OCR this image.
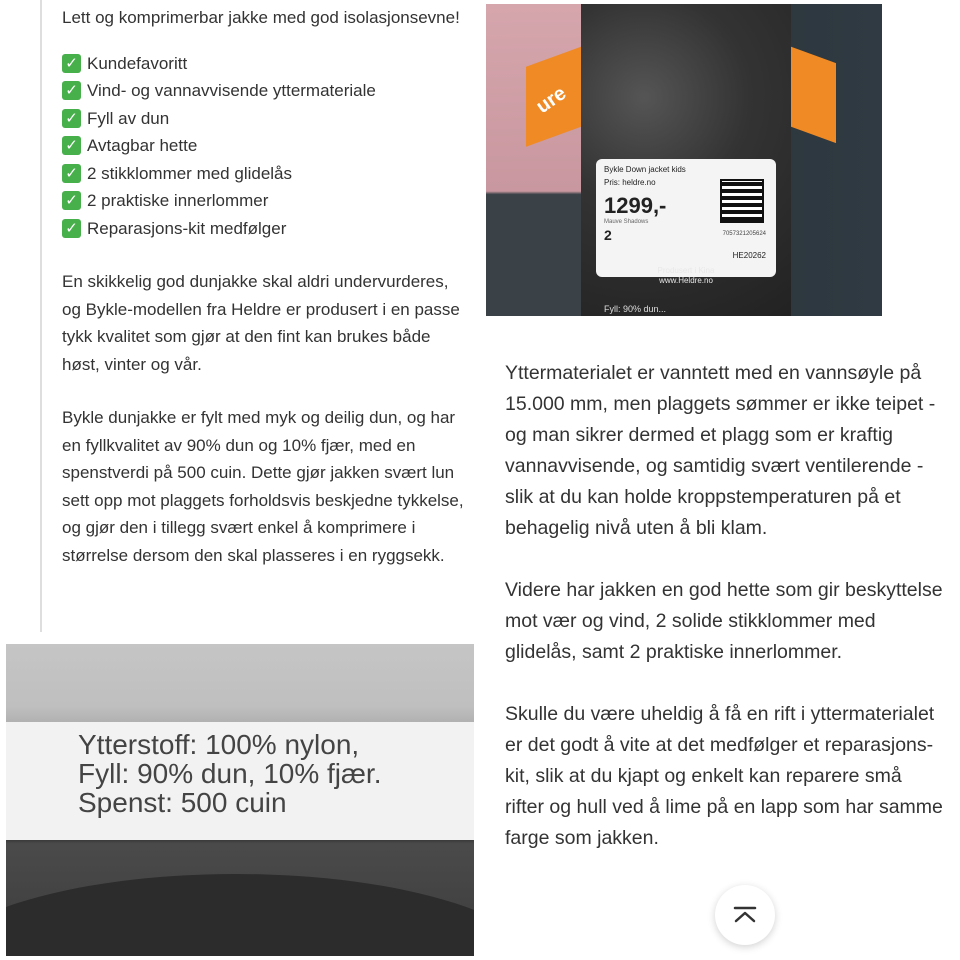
Lett og komprimerbar jakke med god isolasjonsevne!

✓ Kundefavoritt
✓ Vind- og vannavvisende yttermateriale
✓ Fyll av dun
✓ Avtagbar hette
✓ 2 stikklommer med glidelås
✓ 2 praktiske innerlommer
✓ Reparasjons-kit medfølger

En skikkelig god dunjakke skal aldri undervurderes, og Bykle-modellen fra Heldre er produsert i en passe tykk kvalitet som gjør at den fint kan brukes både høst, vinter og vår.

Bykle dunjakke er fylt med myk og deilig dun, og har en fyllkvalitet av 90% dun og 10% fjær, med en spenstverdi på 500 cuin. Dette gjør jakken svært lun sett opp mot plaggets forholdsvis beskjedne tykkelse, og gjør den i tillegg svært enkel å komprimere i størrelse dersom den skal plasseres i en ryggsekk.

ure
Bykle Down jacket kids
Pris: heldre.no
1299,-
Mauve Shadows
2	7057321205624
HE20262
Produsert i Kina
www.Heldre.no
Fyll: 90% dun...

Yttermaterialet er vanntett med en vannsøyle på 15.000 mm, men plaggets sømmer er ikke teipet - og man sikrer dermed et plagg som er kraftig vannavvisende, og samtidig svært ventilerende - slik at du kan holde kroppstemperaturen på et behagelig nivå uten å bli klam.

Videre har jakken en god hette som gir beskyttelse mot vær og vind, 2 solide stikklommer med glidelås, samt 2 praktiske innerlommer.

Skulle du være uheldig å få en rift i yttermaterialet er det godt å vite at det medfølger et reparasjons-kit, slik at du kjapt og enkelt kan reparere små rifter og hull ved å lime på en lapp som har samme farge som jakken.

Ytterstoff: 100% nylon,
Fyll: 90% dun, 10% fjær.
Spenst: 500 cuin
